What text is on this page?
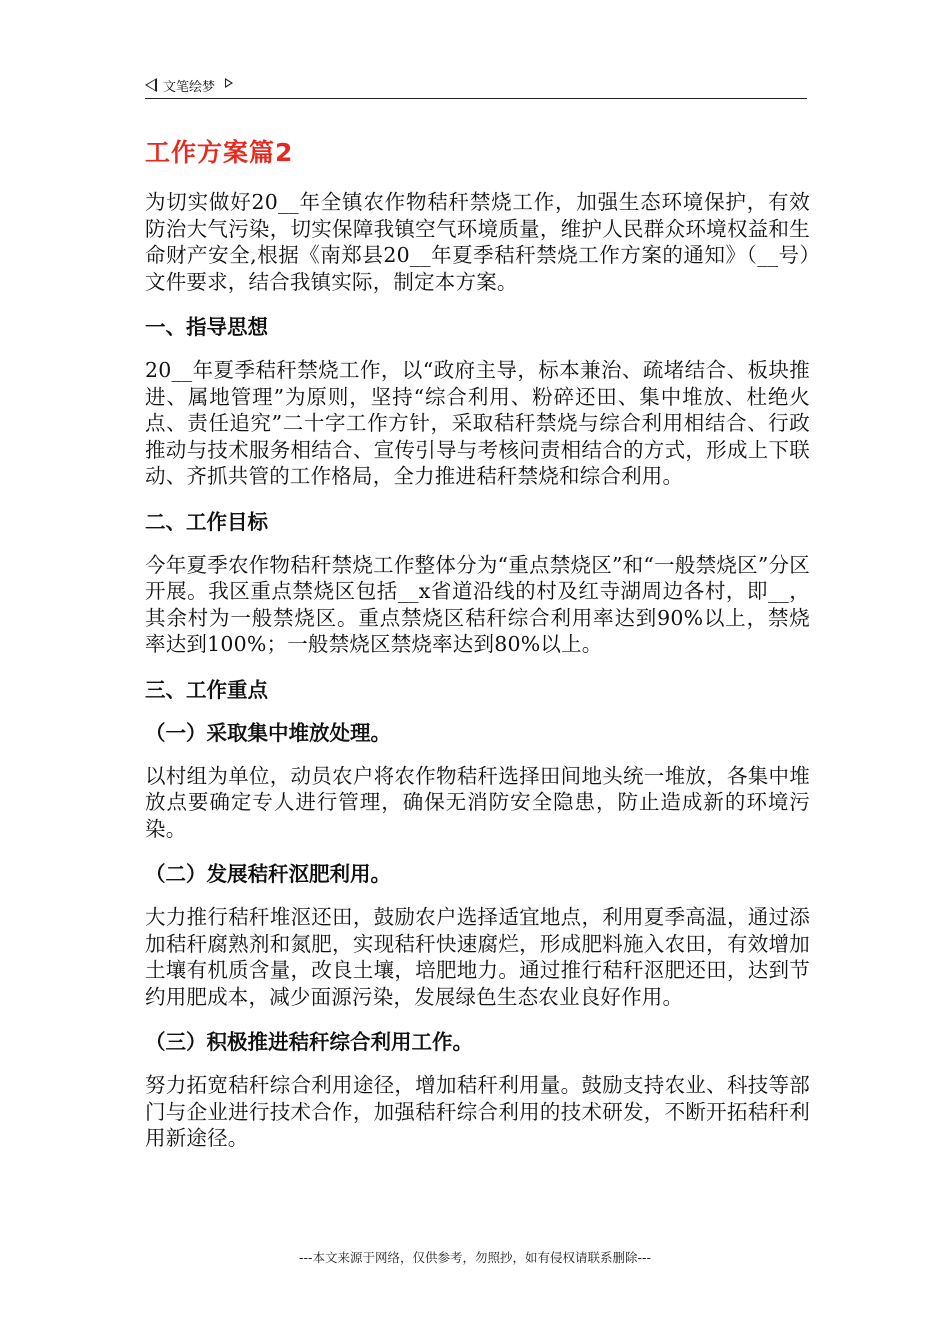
文笔绘梦
工作方案篇2

为切实做好20__年全镇农作物秸秆禁烧工作，加强生态环境保护，有效防治大气污染，切实保障我镇空气环境质量，维护人民群众环境权益和生命财产安全,根据《南郑县20__年夏季秸秆禁烧工作方案的通知》（__号）文件要求，结合我镇实际，制定本方案。

一、指导思想

20__年夏季秸秆禁烧工作，以“政府主导，标本兼治、疏堵结合、板块推进、属地管理”为原则，坚持“综合利用、粉碎还田、集中堆放、杜绝火点、责任追究”二十字工作方针，采取秸秆禁烧与综合利用相结合、行政推动与技术服务相结合、宣传引导与考核问责相结合的方式，形成上下联动、齐抓共管的工作格局，全力推进秸秆禁烧和综合利用。

二、工作目标

今年夏季农作物秸秆禁烧工作整体分为“重点禁烧区”和“一般禁烧区”分区开展。我区重点禁烧区包括__x省道沿线的村及红寺湖周边各村，即__，其余村为一般禁烧区。重点禁烧区秸秆综合利用率达到90%以上，禁烧率达到100%；一般禁烧区禁烧率达到80%以上。

三、工作重点
（一）采取集中堆放处理。

以村组为单位，动员农户将农作物秸秆选择田间地头统一堆放，各集中堆放点要确定专人进行管理，确保无消防安全隐患，防止造成新的环境污染。

（二）发展秸秆沤肥利用。

大力推行秸秆堆沤还田，鼓励农户选择适宜地点，利用夏季高温，通过添加秸秆腐熟剂和氮肥，实现秸秆快速腐烂，形成肥料施入农田，有效增加土壤有机质含量，改良土壤，培肥地力。通过推行秸秆沤肥还田，达到节约用肥成本，减少面源污染，发展绿色生态农业良好作用。

（三）积极推进秸秆综合利用工作。

努力拓宽秸秆综合利用途径，增加秸秆利用量。鼓励支持农业、科技等部门与企业进行技术合作，加强秸秆综合利用的技术研发，不断开拓秸秆利用新途径。

---本文来源于网络，仅供参考，勿照抄，如有侵权请联系删除---
